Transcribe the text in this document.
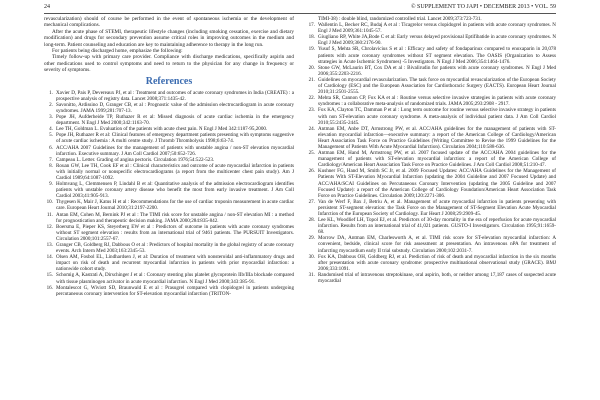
24	© SUPPLEMENT TO JAPI • DECEMBER 2013 • VOL. 59

revascularization) should of course be performed in the event of spontaneous ischemia or the development of mechanical complications.

After the acute phase of STEMI, therapeutic lifestyle changes (including smoking cessation, exercise and dietary modification) and drugs for secondary prevention assume critical roles in improving outcomes in the medium and long-term. Patient counseling and education are key to maintaining adherence to therapy in the long run.

For patients being discharged home, emphasize the following:

Timely follow-up with primary care provider. Compliance with discharge medications, specifically aspirin and other medications used to control symptoms and need to return to the physician for any change in frequency or severity of symptoms.

References
1. Xavier D, Pais P, Devereaux PJ, et al : Treatment and outcomes of acute coronary syndromes in India (CREATE) : a prospective analysis of registry data. Lancet 2008;371:1435-42.
2. Savonitto, Ardissino D, Granger CB, et al : Prognostic value of the admission electrocardiogram in acute coronary syndromes. JAMA 1999;281:707-13.
3. Pope JH, Aufderheide TP, Ruthazer R et al: Missed diagnosis of acute cardiac ischemia in the emergency department. N Engl J Med 2000;342:1163-70.
4. Lee TH, Goldman L. Evaluation of the patients with acute chest pain. N Engl J Med 342:1187-95,2000.
5. Pope JH, Ruthazer R et al: Clinical features of emergency department patients presenting with symptoms suggestive of acute cardiac ischemia : A multi centre study. J Thromb Thrombolysis 1998;6:63-74.
6. ACC/AHA 2007 Guidelines for the management of patients with unstable angina / non-ST elevation myocardial infarction. Executive summary. J Am Coll Cardiol 2007;50:652-726.
7. Campeau L. Letter. Grading of angina pectoris. Circulation 1976;54:522-523.
8. Rouan GW, Lee TH, Cook EF et al : Clinical characteristics and outcome of acute myocardial infarction in patients with initially normal or nonspecific electrocardiograms (a report from the multicenter chest pain study). Am J Cardiol 1989;64:1087-1092.
9. Holmvang L, Clemmensen P, Lindahl B et al: Quantitative analysis of the admission electrocardiogram identifies patients with unstable coronary artery disease who benefit the most from early invasive treatment. J Am Coll Cardiol 2003;41:905-913.
10. Thygesen K, Mair J, Katus H et al : Recommendations for the use of cardiac troponin measurement in acute cardiac care. European Heart Journal 2010;31:2197-2200.
11. Antan EM, Cohen M, Bernink PJ et al : The TIMI risk score for unstable angina / non-ST elevation MI : a method for prognostication and therapeutic decision making. JAMA 2000;284:835-842.
12. Boersma E, Pieper KS, Steyerberg EW et al : Predictors of outcome in patients with acute coronary syndromes without ST segment elevation : results from an international trial of 9461 patients. The PURSUIT Investigators. Circulation 2000;101:2557-67.
13. Granger CB, Goldberg RJ, Dabbous O et al : Predictors of hospital mortality in the global registry of acute coronary events. Arch Intern Med 2003;163:2345-53.
14. Olsen AM, Fosbol EL, Lindhardsen J, et al: Duration of treatment with nonsteroidal anti-inflammatory drugs and impact on risk of death and recurrent myocardial infarction in patients with prior myocardial infarction: a nationwide cohort study.
15. Schomig A, Kastrati A, Dirschinger J et al : Coronary stenting plus platelet glycoprotein IIb/IIIa blockade compared with tissue plasminogen activator in acute myocardial infarction. N Engl J Med 2000;343:385-91.
16. Montalescot G, Wiviott SD, Braunwald E et al : Prasugrel compared with clopidogrel in patients undergoing percutaneous coronary intervention for ST-elevation myocardial infarction (TRITON-
TIMI-38) : double blind, randomized controlled trial. Lancet 2009;373:723-731.
17. Wallentin L, Becker RC, Budaj A et al : Ticagrelor versus clopidogrel in patients with acute coronary syndromes. N Engl J Med 2009;361:1045-57.
18. Giugliano RP, White JA,Bode C et al: Early versus delayed provisional Eptifibatide in acute coronary syndromes. N Engl J Med 2009;360:2176-90.
19. Yusuf S, Mehta SR, Chrolavicius S et al : Efficacy and safety of fondaparinux compared to enoxaparin in 20,078 patients with acute coronary syndromes without ST segment elevation. The OASIS (Organization to Assess strategies in Acute Ischemic Syndromes) -5 Investigators. N Engl J Med 2006;354:1464-1476.
20. Stone GW, McLaurin BT, Cox DA et al : Bivalirudin for patients with acute coronary syndromes. N Engl J Med 2006;355:2203-2216.
21. Guidelines on myocardial revascularization. The task force on myocardial revascularization of the European Society of Cardiology (ESC) and the European Association for Cardiothoracic Surgery (EACTS). European Heart Journal 2010;31:2501-2555.
22. Mehta SR, Cannon CP, Fox KA et al : Routine versus selective invasive strategies in patients with acute coronary syndromes : a collaborative meta-analysis of randomized trials. JAMA 2005;293:2908 - 2917.
23. Fox KA, Clayton TC, Damman P et al : Long term outcome for routine versus selective invasive strategy in patients with non ST-elevation acute coronary syndrome. A meta-analysis of individual patient data. J Am Coll Cardiol 2010;55:2435-2445.
24. Antman EM, Anbe DT, Armstrong PW, et al. ACC/AHA guidelines for the management of patients with ST-elevation myocardial infarction—executive summary: a report of the American College of Cardiology/American Heart Association Task Force on Practice Guidelines (Writing Committee to Revise the 1999 Guidelines for the Management of Patients With Acute Myocardial Infarction). Circulation 2004;110:588-636.
25. Antman EM, Hand M, Armstrong PW, et al. 2007 focused update of the ACC/AHA 2004 guidelines for the management of patients with ST-elevation myocardial infarction: a report of the American College of Cardiology/American Heart Association Task Force on Practice Guidelines. J Am Coll Cardiol 2008;51:210-47.
26. Kushner FG, Hand M, Smith SC Jr, et al. 2009 Focused Updates: ACC/AHA Guidelines for the Management of Patients With ST-Elevation Myocardial Infarction (updating the 2004 Guideline and 2007 Focused Update) and ACC/AHA/SCAI Guidelines on Percutaneous Coronary Intervention (updating the 2005 Guideline and 2007 Focused Update): a report of the American College of Cardiology Foundation/American Heart Association Task Force on Practice Guidelines. Circulation 2009;120:2271-306.
27. Van de Werf F, Bax J, Betriu A, et al. Management of acute myocardial infarction in patients presenting with persistent ST-segment elevation: the Task Force on the Management of ST-Segment Elevation Acute Myocardial Infarction of the European Society of Cardiology. Eur Heart J 2008;29:2909-45.
28. Lee KL, Woodlief LH, Topol EJ, et al. Predictors of 30-day mortality in the era of reperfusion for acute myocardial infarction. Results from an international trial of 41,021 patients. GUSTO-I Investigators. Circulation 1995;91:1659-68.
29. Morrow DA, Antman EM, Charlesworth A, et al. TIMI risk score for ST-elevation myocardial infarction: A convenient, bedside, clinical score for risk assessment at presentation. An intravenous nPA for treatment of infarcting myocardium early II trial substudy. Circulation 2000;102:2031-7.
30. Fox KA, Dabbous OH, Goldberg RJ, et al. Prediction of risk of death and myocardial infarction in the six months after presentation with acute coronary syndrome: prospective multinational observational study (GRACE). BMJ 2006;333:1091.
31. Randomised trial of intravenous streptokinase, oral aspirin, both, or neither among 17,187 cases of suspected acute myocardial
